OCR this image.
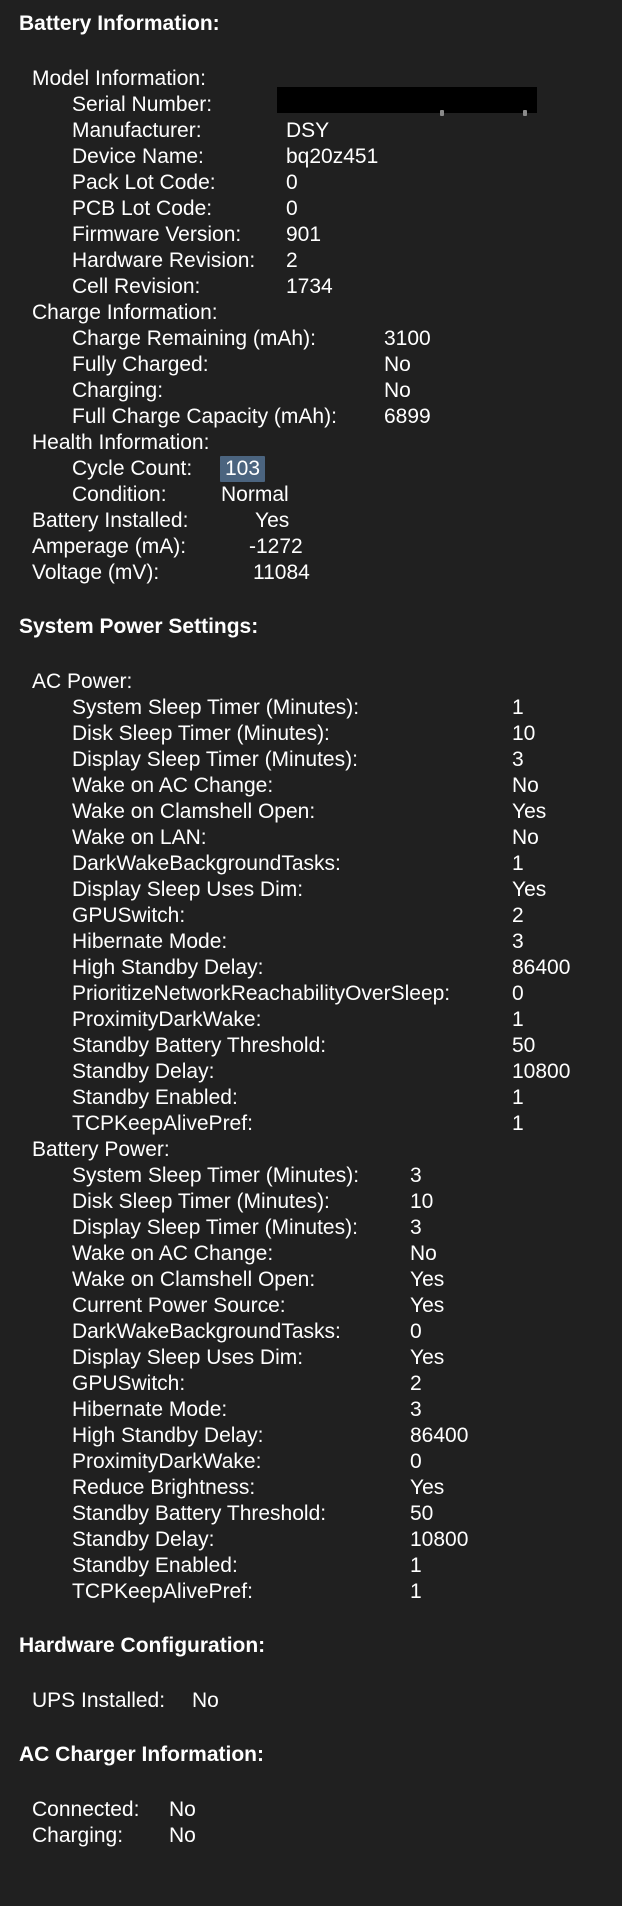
Battery Information:
Model Information:
Serial Number:
Manufacturer:	DSY
Device Name:	bq20z451
Pack Lot Code:	0
PCB Lot Code:	0
Firmware Version: 901
Hardware Revision: 2
Cell Revision:	1734
Charge Information:
Charge Remaining (mAh):	3100
Fully Charged:	No
Charging:	No
Full Charge Capacity (mAh): 6899
Health Information:
Cycle Count: 103
Condition:	Normal
Battery Installed:	Yes
Amperage (mA):	-1272
Voltage (mV):	11084
System Power Settings:
AC Power:
System Sleep Timer (Minutes):	1
Disk Sleep Timer (Minutes):	10
Display Sleep Timer (Minutes):	3
Wake on AC Change:	No
Wake on Clamshell Open:	Yes
Wake on LAN:	No
DarkWakeBackgroundTasks:	1
Display Sleep Uses Dim:	Yes
GPUSwitch:	2
Hibernate Mode:	3
High Standby Delay:	86400
PrioritizeNetworkReachabilityOverSleep:	0
ProximityDarkWake:	1
Standby Battery Threshold:	50
Standby Delay:	10800
Standby Enabled:	1
TCPKeepAlivePref:	1
Battery Power:
System Sleep Timer (Minutes): 3
Disk Sleep Timer (Minutes):	10
Display Sleep Timer (Minutes): 3
Wake on AC Change:	No
Wake on Clamshell Open:	Yes
Current Power Source:	Yes
DarkWakeBackgroundTasks:	0
Display Sleep Uses Dim:	Yes
GPUSwitch:	2
Hibernate Mode:	3
High Standby Delay:	86400
ProximityDarkWake:	0
Reduce Brightness:	Yes
Standby Battery Threshold:	50
Standby Delay:	10800
Standby Enabled:	1
TCPKeepAlivePref:	1
Hardware Configuration:
UPS Installed: No
AC Charger Information:
Connected: No
Charging: No
